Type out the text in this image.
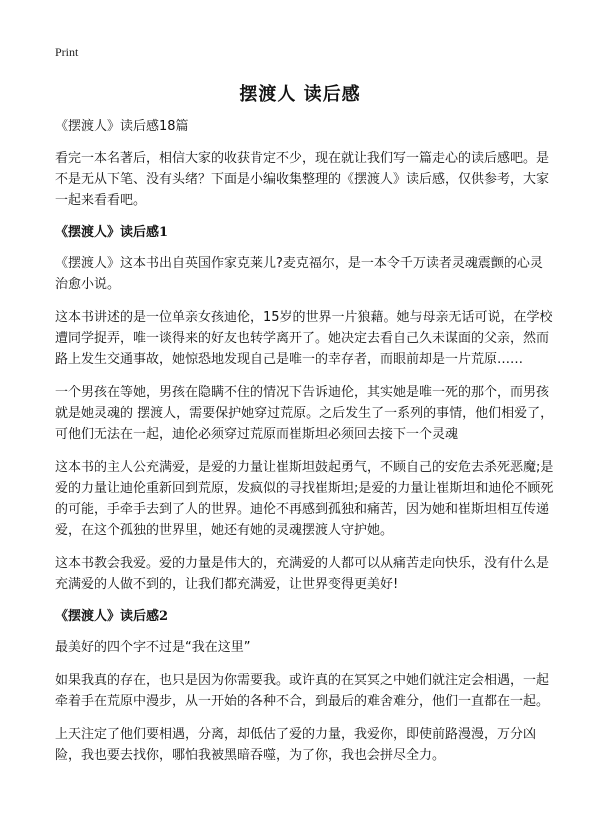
Print
摆渡人 读后感
《摆渡人》读后感18篇

看完一本名著后，相信大家的收获肯定不少，现在就让我们写一篇走心的读后感吧。是不是无从下笔、没有头绪？下面是小编收集整理的《摆渡人》读后感，仅供参考，大家一起来看看吧。

《摆渡人》读后感1

《摆渡人》这本书出自英国作家克莱儿?麦克福尔，是一本令千万读者灵魂震颤的心灵治愈小说。

这本书讲述的是一位单亲女孩迪伦，15岁的世界一片狼藉。她与母亲无话可说，在学校遭同学捉弄，唯一谈得来的好友也转学离开了。她决定去看自己久未谋面的父亲，然而路上发生交通事故，她惊恐地发现自己是唯一的幸存者，而眼前却是一片荒原……

一个男孩在等她，男孩在隐瞒不住的情况下告诉迪伦，其实她是唯一死的那个，而男孩就是她灵魂的 摆渡人，需要保护她穿过荒原。之后发生了一系列的事情，他们相爱了，可他们无法在一起，迪伦必须穿过荒原而崔斯坦必须回去接下一个灵魂

这本书的主人公充满爱，是爱的力量让崔斯坦鼓起勇气，不顾自己的安危去杀死恶魔;是爱的力量让迪伦重新回到荒原，发疯似的寻找崔斯坦;是爱的力量让崔斯坦和迪伦不顾死的可能，手牵手去到了人的世界。迪伦不再感到孤独和痛苦，因为她和崔斯坦相互传递爱，在这个孤独的世界里，她还有她的灵魂摆渡人守护她。

这本书教会我爱。爱的力量是伟大的，充满爱的人都可以从痛苦走向快乐，没有什么是充满爱的人做不到的，让我们都充满爱，让世界变得更美好!

《摆渡人》读后感2

最美好的四个字不过是“我在这里”

如果我真的存在，也只是因为你需要我。或许真的在冥冥之中她们就注定会相遇，一起牵着手在荒原中漫步，从一开始的各种不合，到最后的难舍难分，他们一直都在一起。

上天注定了他们要相遇，分离，却低估了爱的力量，我爱你，即使前路漫漫，万分凶险，我也要去找你，哪怕我被黑暗吞噬，为了你，我也会拼尽全力。
